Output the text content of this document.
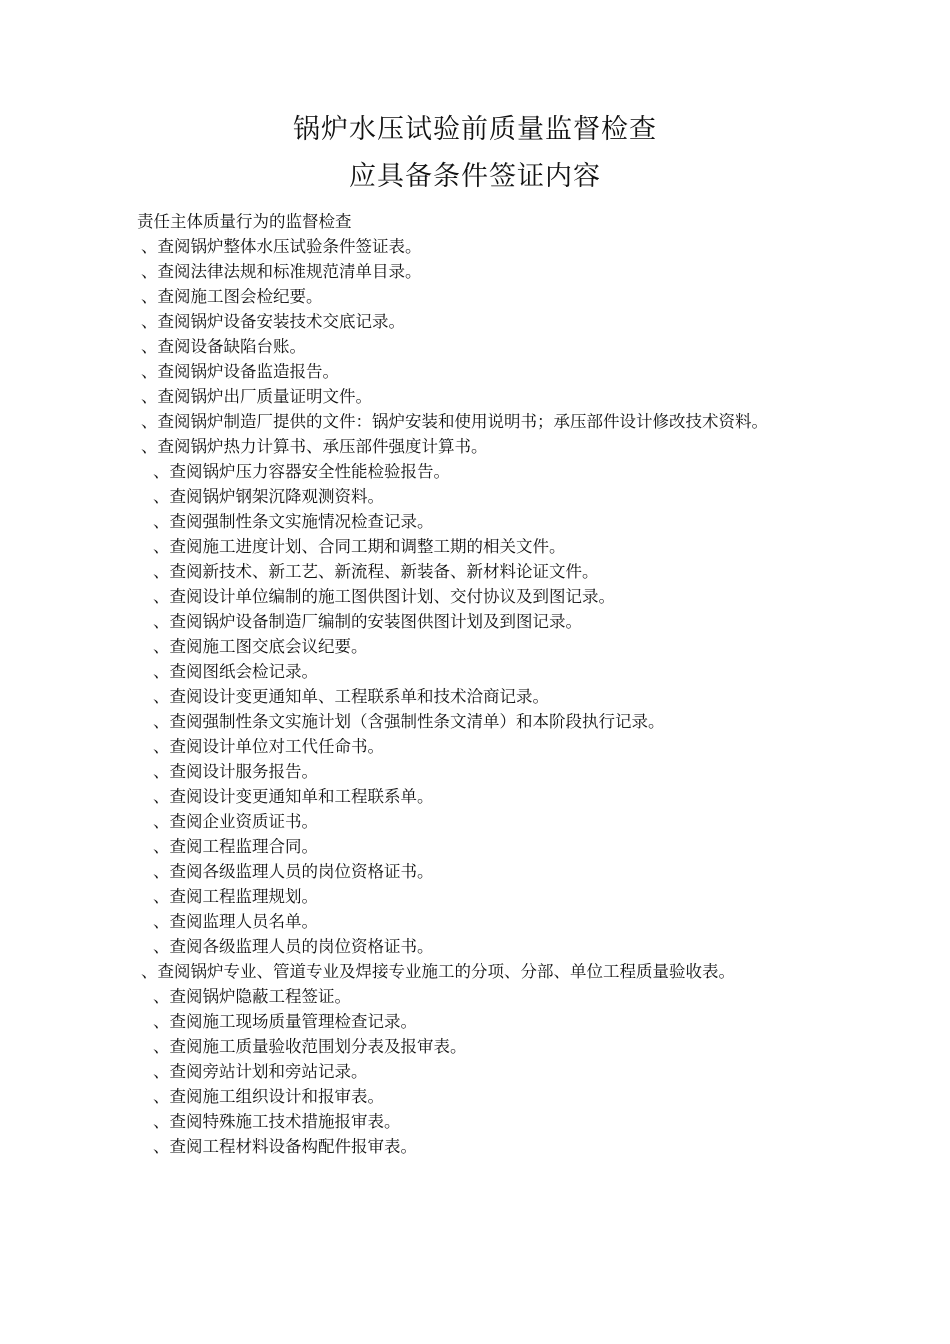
锅炉水压试验前质量监督检查
应具备条件签证内容
责任主体质量行为的监督检查
、查阅锅炉整体水压试验条件签证表。
、查阅法律法规和标准规范清单目录。
、查阅施工图会检纪要。
、查阅锅炉设备安装技术交底记录。
、查阅设备缺陷台账。
、查阅锅炉设备监造报告。
、查阅锅炉出厂质量证明文件。
、查阅锅炉制造厂提供的文件：锅炉安装和使用说明书；承压部件设计修改技术资料。
、查阅锅炉热力计算书、承压部件强度计算书。
、查阅锅炉压力容器安全性能检验报告。
、查阅锅炉钢架沉降观测资料。
、查阅强制性条文实施情况检查记录。
、查阅施工进度计划、合同工期和调整工期的相关文件。
、查阅新技术、新工艺、新流程、新装备、新材料论证文件。
、查阅设计单位编制的施工图供图计划、交付协议及到图记录。
、查阅锅炉设备制造厂编制的安装图供图计划及到图记录。
、查阅施工图交底会议纪要。
、查阅图纸会检记录。
、查阅设计变更通知单、工程联系单和技术洽商记录。
、查阅强制性条文实施计划（含强制性条文清单）和本阶段执行记录。
、查阅设计单位对工代任命书。
、查阅设计服务报告。
、查阅设计变更通知单和工程联系单。
、查阅企业资质证书。
、查阅工程监理合同。
、查阅各级监理人员的岗位资格证书。
、查阅工程监理规划。
、查阅监理人员名单。
、查阅各级监理人员的岗位资格证书。
、查阅锅炉专业、管道专业及焊接专业施工的分项、分部、单位工程质量验收表。
、查阅锅炉隐蔽工程签证。
、查阅施工现场质量管理检查记录。
、查阅施工质量验收范围划分表及报审表。
、查阅旁站计划和旁站记录。
、查阅施工组织设计和报审表。
、查阅特殊施工技术措施报审表。
、查阅工程材料设备构配件报审表。
